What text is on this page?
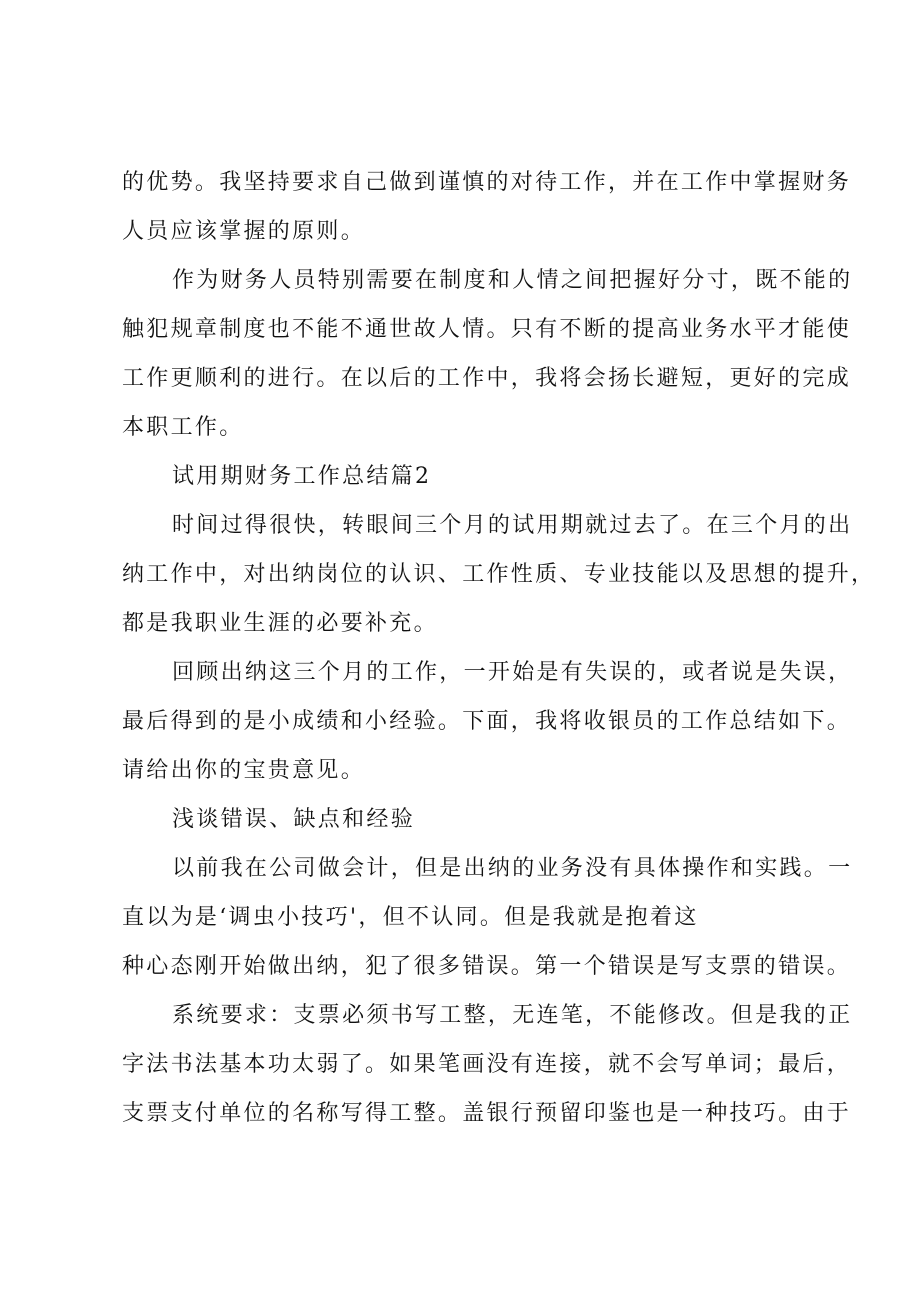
的优势。我坚持要求自己做到谨慎的对待工作，并在工作中掌握财务
人员应该掌握的原则。
作为财务人员特别需要在制度和人情之间把握好分寸，既不能的
触犯规章制度也不能不通世故人情。只有不断的提高业务水平才能使
工作更顺利的进行。在以后的工作中，我将会扬长避短，更好的完成
本职工作。
试用期财务工作总结篇2
时间过得很快，转眼间三个月的试用期就过去了。在三个月的出
纳工作中，对出纳岗位的认识、工作性质、专业技能以及思想的提升，
都是我职业生涯的必要补充。
回顾出纳这三个月的工作，一开始是有失误的，或者说是失误，
最后得到的是小成绩和小经验。下面，我将收银员的工作总结如下。
请给出你的宝贵意见。
浅谈错误、缺点和经验
以前我在公司做会计，但是出纳的业务没有具体操作和实践。一
直以为是‘调虫小技巧'，但不认同。但是我就是抱着这
种心态刚开始做出纳，犯了很多错误。第一个错误是写支票的错误。
系统要求：支票必须书写工整，无连笔，不能修改。但是我的正
字法书法基本功太弱了。如果笔画没有连接，就不会写单词；最后，
支票支付单位的名称写得工整。盖银行预留印鉴也是一种技巧。由于
